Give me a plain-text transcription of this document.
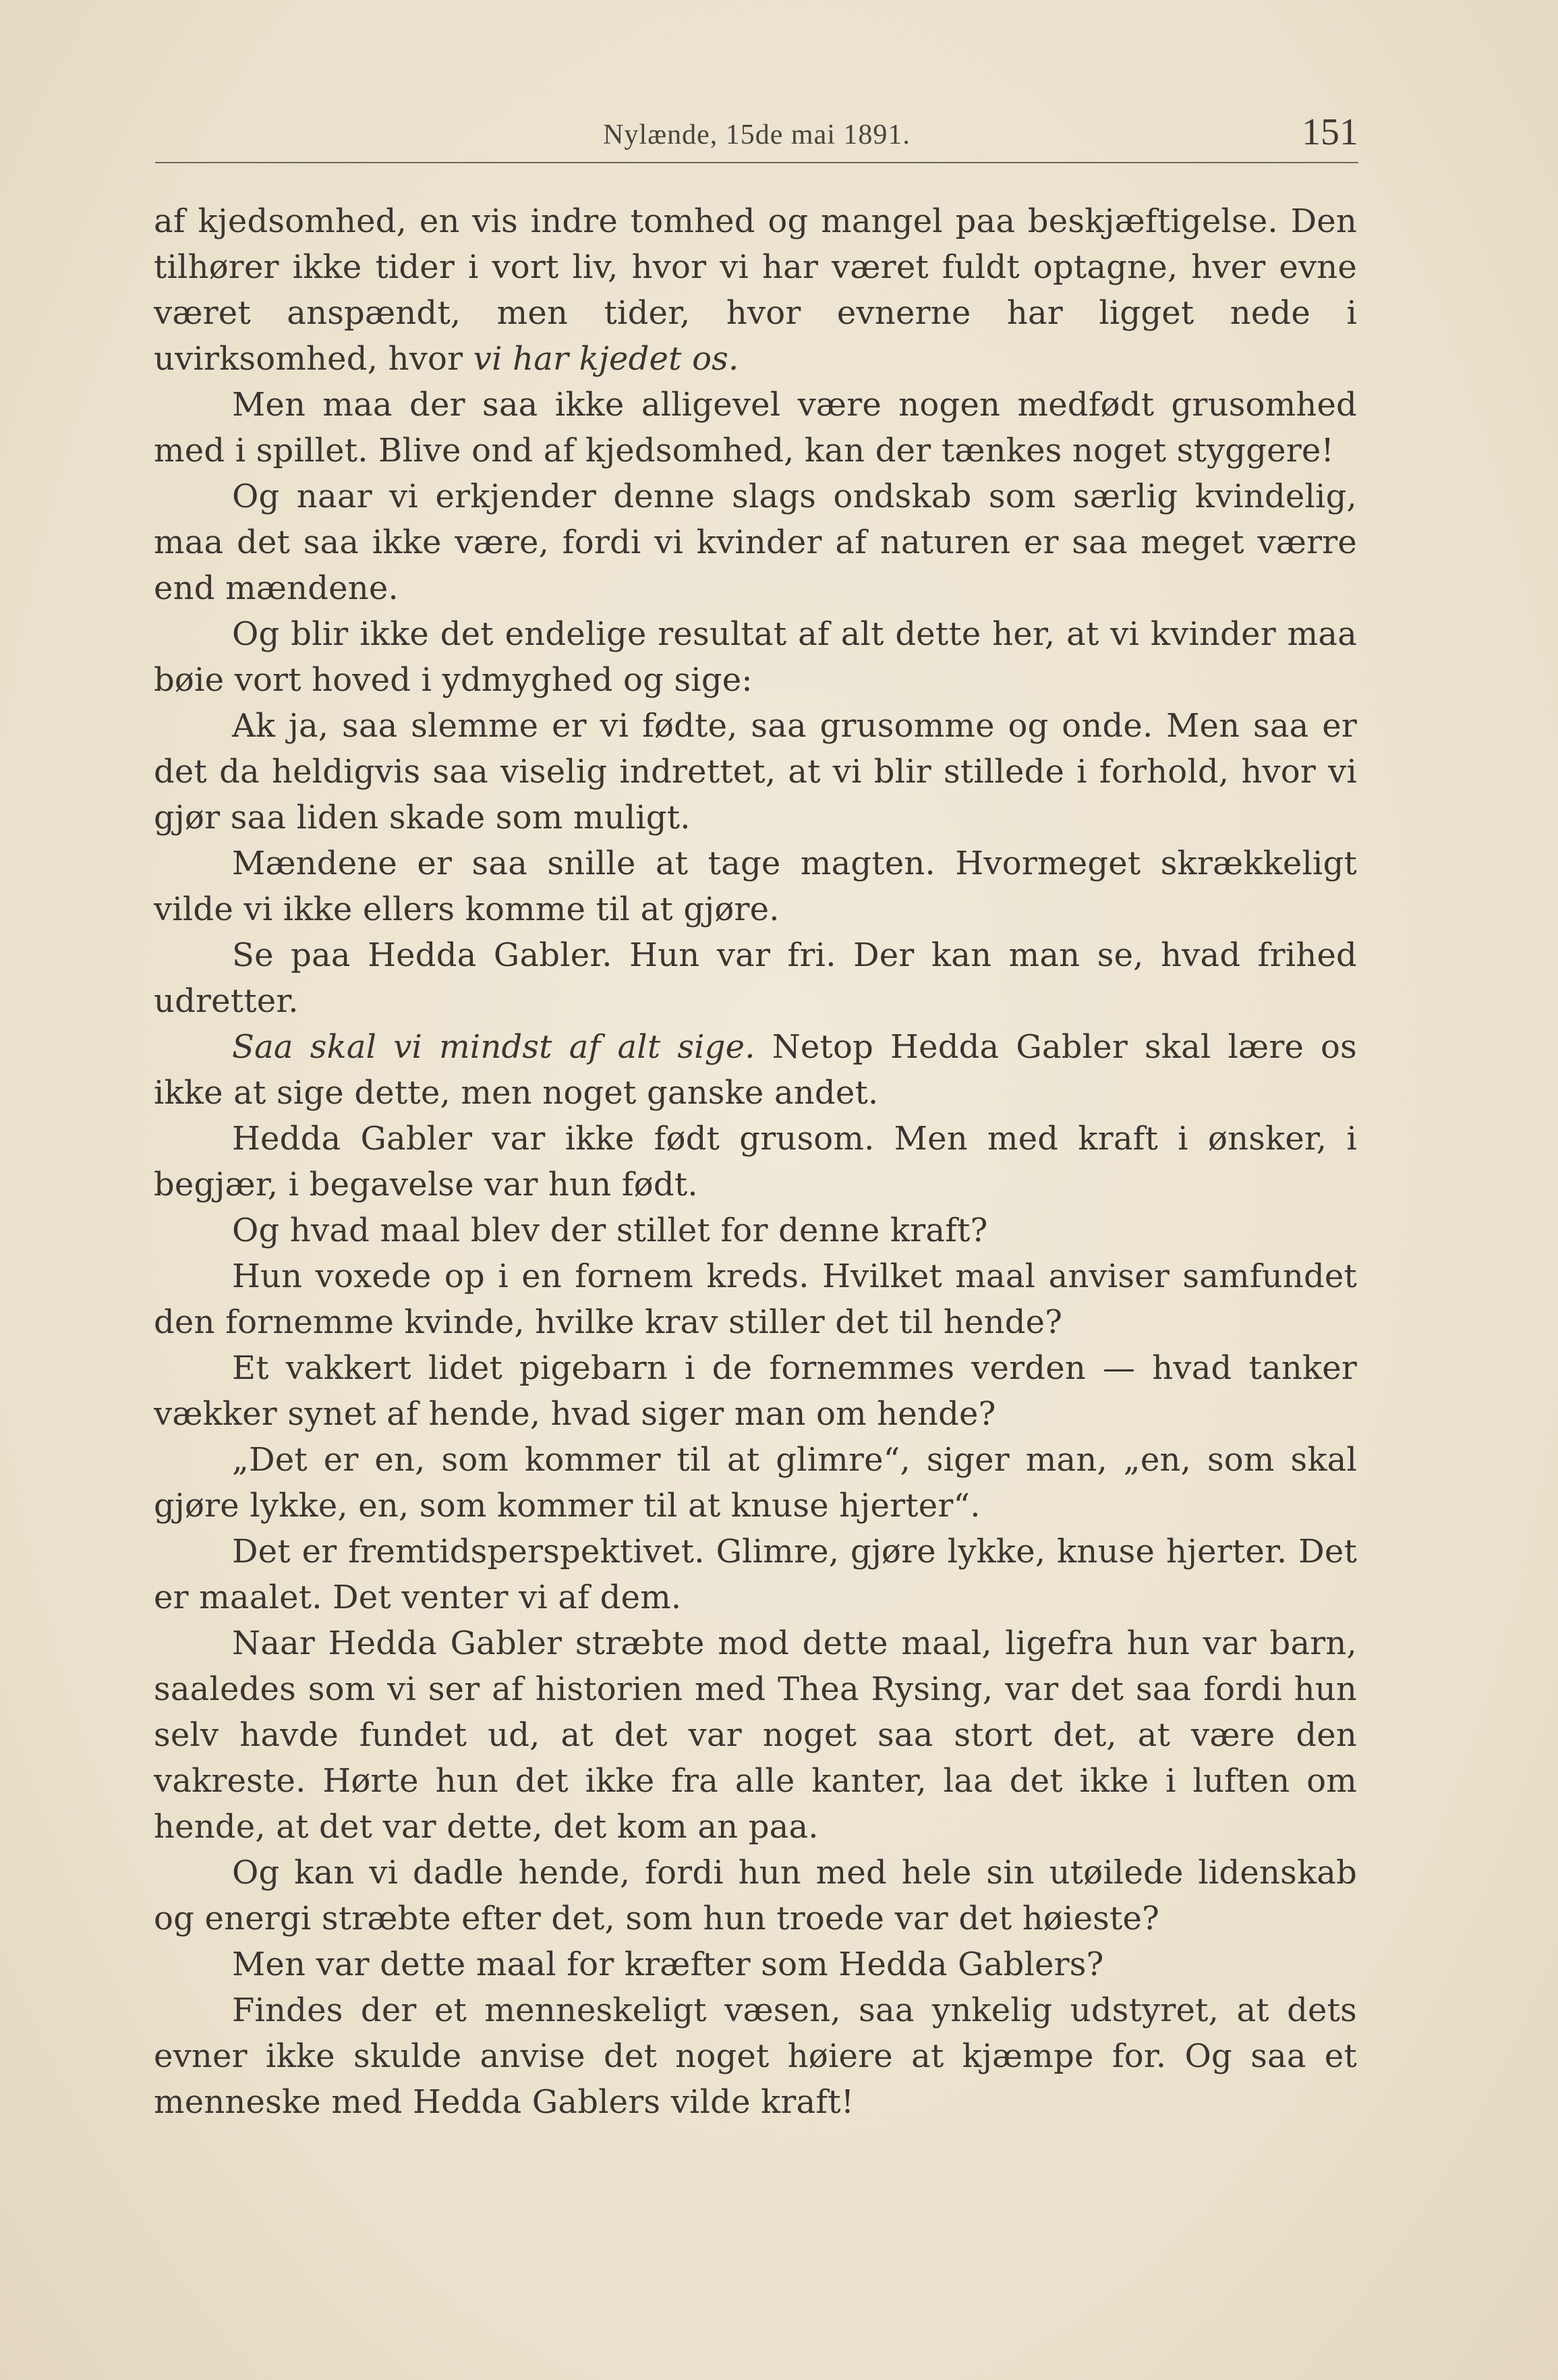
Nylænde, 15de mai 1891.	151

af kjedsomhed, en vis indre tomhed og mangel paa beskjæftigelse. Den tilhører ikke tider i vort liv, hvor vi har været fuldt optagne, hver evne været anspændt, men tider, hvor evnerne har ligget nede i uvirksomhed, hvor vi har kjedet os.

Men maa der saa ikke alligevel være nogen medfødt grusomhed med i spillet. Blive ond af kjedsomhed, kan der tænkes noget styggere!

Og naar vi erkjender denne slags ondskab som særlig kvindelig, maa det saa ikke være, fordi vi kvinder af naturen er saa meget værre end mændene.

Og blir ikke det endelige resultat af alt dette her, at vi kvinder maa bøie vort hoved i ydmyghed og sige:

Ak ja, saa slemme er vi fødte, saa grusomme og onde. Men saa er det da heldigvis saa viselig indrettet, at vi blir stillede i forhold, hvor vi gjør saa liden skade som muligt.

Mændene er saa snille at tage magten. Hvormeget skrækkeligt vilde vi ikke ellers komme til at gjøre.

Se paa Hedda Gabler. Hun var fri. Der kan man se, hvad frihed udretter.

Saa skal vi mindst af alt sige. Netop Hedda Gabler skal lære os ikke at sige dette, men noget ganske andet.

Hedda Gabler var ikke født grusom. Men med kraft i ønsker, i begjær, i begavelse var hun født.

Og hvad maal blev der stillet for denne kraft?

Hun voxede op i en fornem kreds. Hvilket maal anviser samfundet den fornemme kvinde, hvilke krav stiller det til hende?

Et vakkert lidet pigebarn i de fornemmes verden — hvad tanker vækker synet af hende, hvad siger man om hende?

„Det er en, som kommer til at glimre“, siger man, „en, som skal gjøre lykke, en, som kommer til at knuse hjerter“.

Det er fremtidsperspektivet. Glimre, gjøre lykke, knuse hjerter. Det er maalet. Det venter vi af dem.

Naar Hedda Gabler stræbte mod dette maal, ligefra hun var barn, saaledes som vi ser af historien med Thea Rysing, var det saa fordi hun selv havde fundet ud, at det var noget saa stort det, at være den vakreste. Hørte hun det ikke fra alle kanter, laa det ikke i luften om hende, at det var dette, det kom an paa.

Og kan vi dadle hende, fordi hun med hele sin utøilede lidenskab og energi stræbte efter det, som hun troede var det høieste?

Men var dette maal for kræfter som Hedda Gablers?

Findes der et menneskeligt væsen, saa ynkelig udstyret, at dets evner ikke skulde anvise det noget høiere at kjæmpe for. Og saa et menneske med Hedda Gablers vilde kraft!
